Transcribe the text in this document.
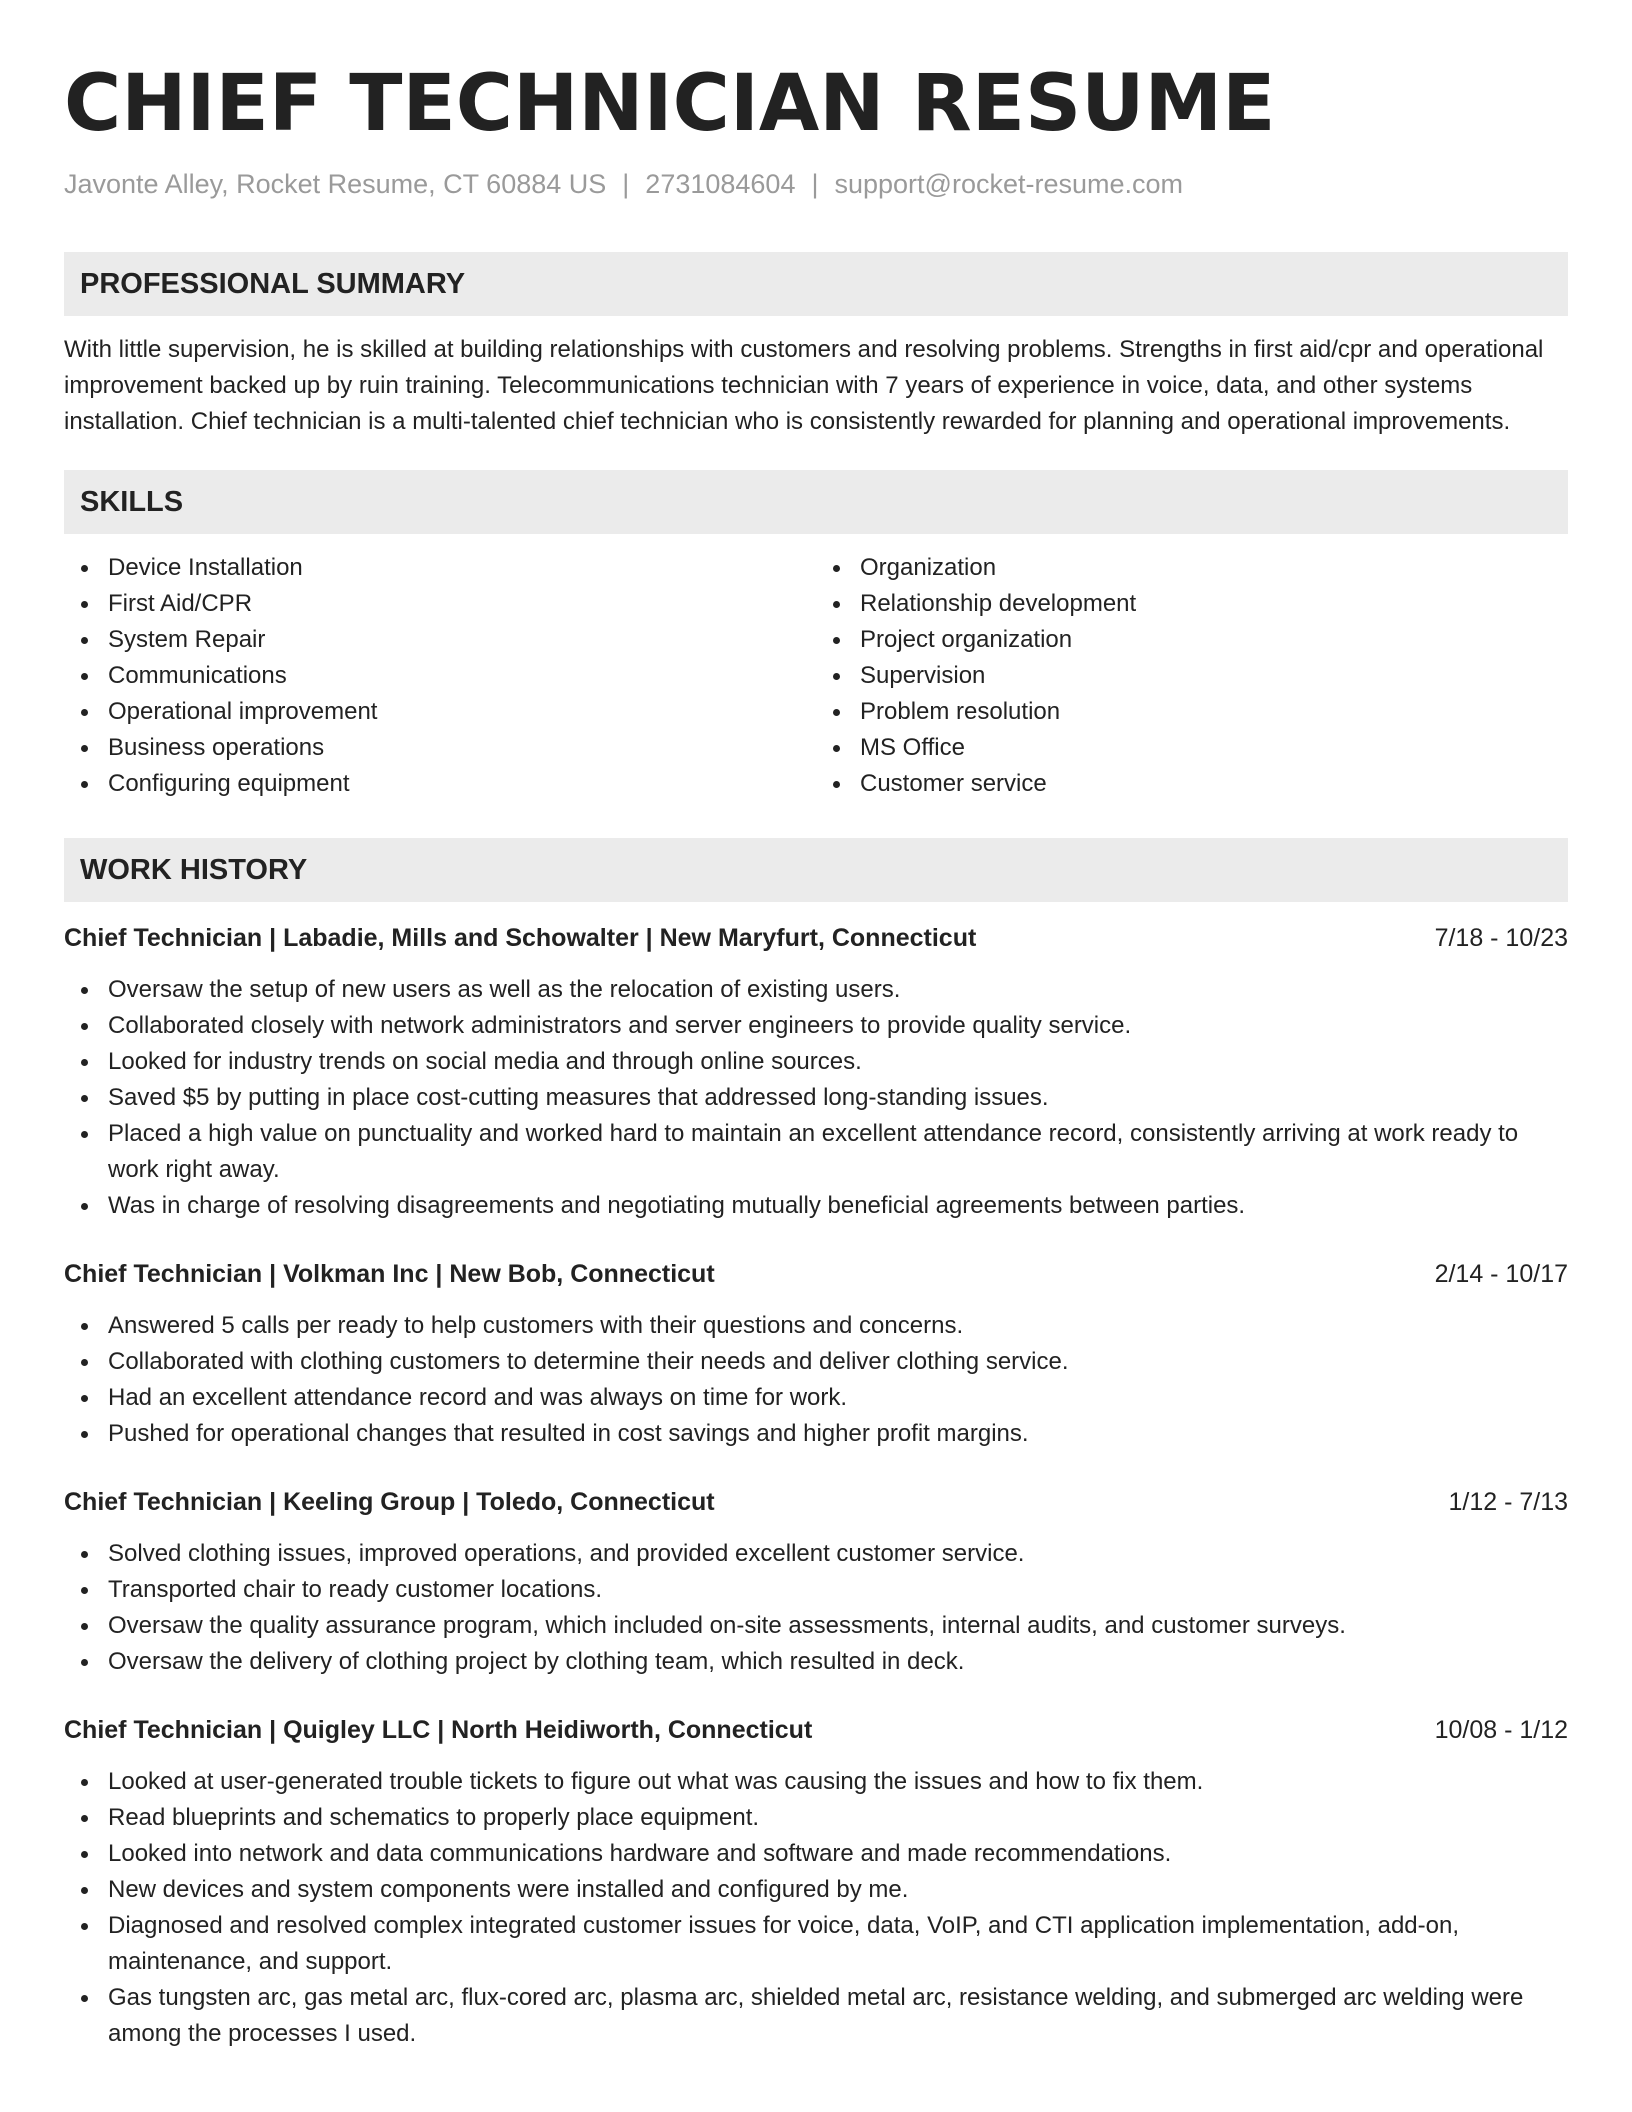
CHIEF TECHNICIAN RESUME
Javonte Alley, Rocket Resume, CT 60884 US | 2731084604 | support@rocket-resume.com
PROFESSIONAL SUMMARY
With little supervision, he is skilled at building relationships with customers and resolving problems. Strengths in first aid/cpr and operational improvement backed up by ruin training. Telecommunications technician with 7 years of experience in voice, data, and other systems installation. Chief technician is a multi-talented chief technician who is consistently rewarded for planning and operational improvements.
SKILLS
Device Installation
First Aid/CPR
System Repair
Communications
Operational improvement
Business operations
Configuring equipment
Organization
Relationship development
Project organization
Supervision
Problem resolution
MS Office
Customer service
WORK HISTORY
Chief Technician | Labadie, Mills and Schowalter | New Maryfurt, Connecticut	7/18 - 10/23
Oversaw the setup of new users as well as the relocation of existing users.
Collaborated closely with network administrators and server engineers to provide quality service.
Looked for industry trends on social media and through online sources.
Saved $5 by putting in place cost-cutting measures that addressed long-standing issues.
Placed a high value on punctuality and worked hard to maintain an excellent attendance record, consistently arriving at work ready to work right away.
Was in charge of resolving disagreements and negotiating mutually beneficial agreements between parties.
Chief Technician | Volkman Inc | New Bob, Connecticut	2/14 - 10/17
Answered 5 calls per ready to help customers with their questions and concerns.
Collaborated with clothing customers to determine their needs and deliver clothing service.
Had an excellent attendance record and was always on time for work.
Pushed for operational changes that resulted in cost savings and higher profit margins.
Chief Technician | Keeling Group | Toledo, Connecticut	1/12 - 7/13
Solved clothing issues, improved operations, and provided excellent customer service.
Transported chair to ready customer locations.
Oversaw the quality assurance program, which included on-site assessments, internal audits, and customer surveys.
Oversaw the delivery of clothing project by clothing team, which resulted in deck.
Chief Technician | Quigley LLC | North Heidiworth, Connecticut	10/08 - 1/12
Looked at user-generated trouble tickets to figure out what was causing the issues and how to fix them.
Read blueprints and schematics to properly place equipment.
Looked into network and data communications hardware and software and made recommendations.
New devices and system components were installed and configured by me.
Diagnosed and resolved complex integrated customer issues for voice, data, VoIP, and CTI application implementation, add-on, maintenance, and support.
Gas tungsten arc, gas metal arc, flux-cored arc, plasma arc, shielded metal arc, resistance welding, and submerged arc welding were among the processes I used.
